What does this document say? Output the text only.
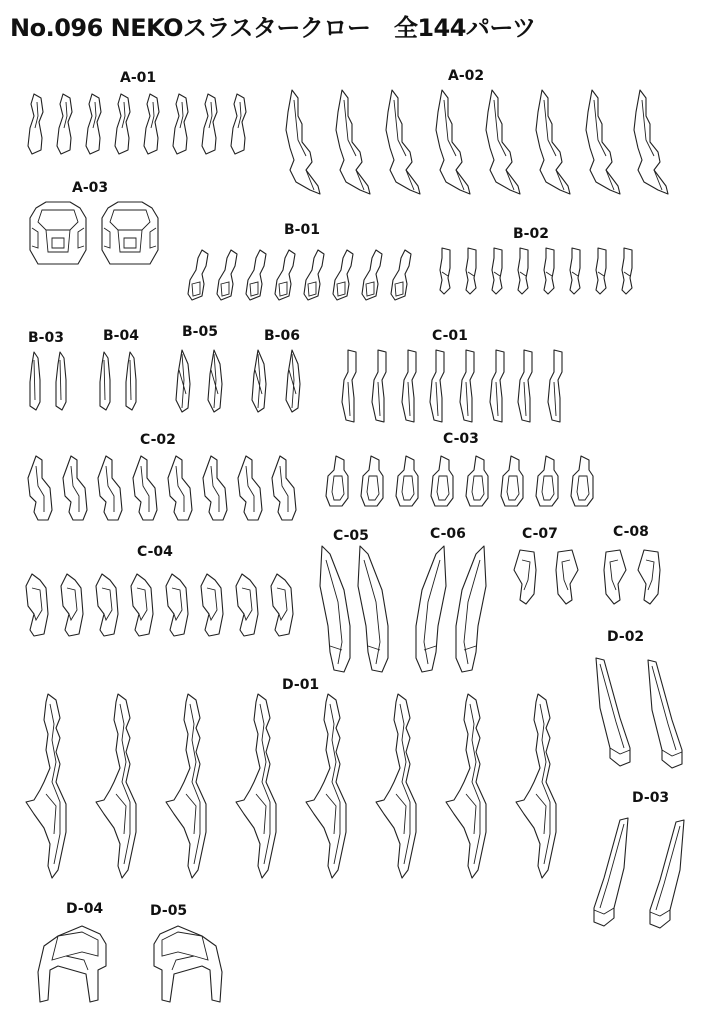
No.096 NEKOスラスタークロー　全144パーツ
A-01	A-02
A-03
B-01	B-02
B-03	B-04	B-05	B-06	C-01
C-02	C-03
C-04
C-05	C-06	C-07	C-08
D-01
D-02
D-03
D-04	D-05
